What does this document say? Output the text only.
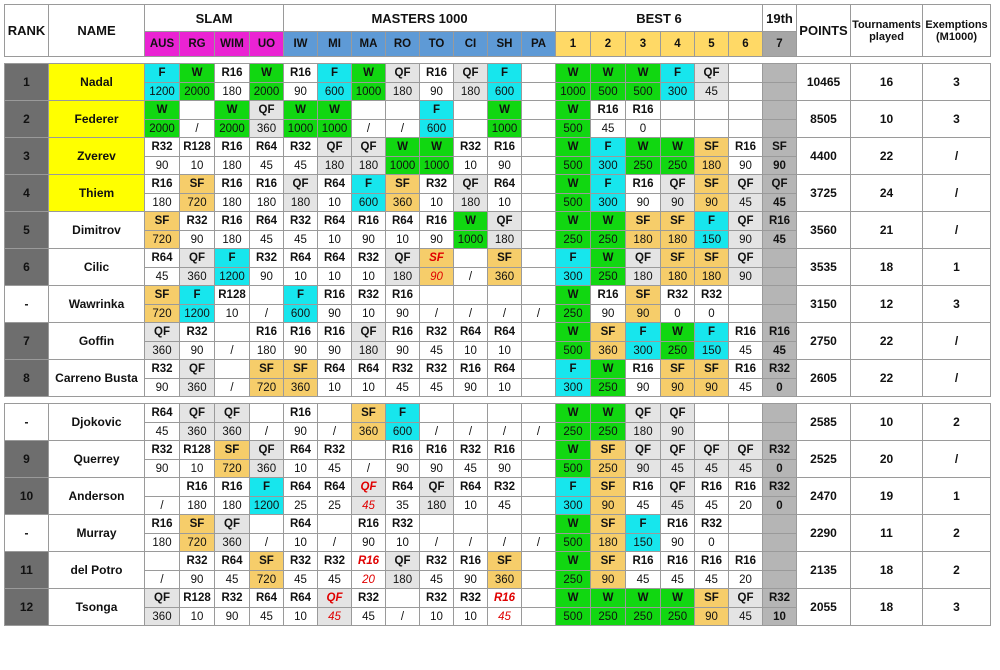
RANK	NAME	SLAM				MASTERS 1000								BEST 6						19th	POINTS	Tournaments played	Exemptions (M1000)
		AUS	RG	WIM	UO	IW	MI	MA	RO	TO	CI	SH	PA	1	2	3	4	5	6	7			

1	Nadal	F	W	R16	W	R16	F	W	QF	R16	QF	F		W	W	W	F	QF			10465	16	3
		1200	2000	180	2000	90	600	1000	180	90	180	600		1000	500	500	300	45					
2	Federer	W		W	QF	W	W			F		W		W	R16	R16					8505	10	3
		2000	/	2000	360	1000	1000	/	/	600		1000		500	45	0							
3	Zverev	R32	R128	R16	R64	R32	QF	QF	W	W	R32	R16		W	F	W	W	SF	R16	SF	4400	22	/
		90	10	180	45	45	180	180	1000	1000	10	90		500	300	250	250	180	90	90			
4	Thiem	R16	SF	R16	R16	QF	R64	F	SF	R32	QF	R64		W	F	R16	QF	SF	QF	QF	3725	24	/
		180	720	180	180	180	10	600	360	10	180	10		500	300	90	90	90	45	45			
5	Dimitrov	SF	R32	R16	R64	R32	R64	R16	R64	R16	W	QF		W	W	SF	SF	F	QF	R16	3560	21	/
		720	90	180	45	45	10	90	10	90	1000	180		250	250	180	180	150	90	45			
6	Cilic	R64	QF	F	R32	R64	R64	R32	QF	SF		SF		F	W	QF	SF	SF	QF		3535	18	1
		45	360	1200	90	10	10	10	180	90	/	360		300	250	180	180	180	90				
-	Wawrinka	SF	F	R128		F	R16	R32	R16					W	R16	SF	R32	R32			3150	12	3
		720	1200	10	/	600	90	10	90	/	/	/	/	250	90	90	0	0					
7	Goffin	QF	R32		R16	R16	R16	QF	R16	R32	R64	R64		W	SF	F	W	F	R16	R16	2750	22	/
		360	90	/	180	90	90	180	90	45	10	10		500	360	300	250	150	45	45			
8	Carreno Busta	R32	QF		SF	SF	R64	R64	R32	R32	R16	R64		F	W	R16	SF	SF	R16	R32	2605	22	/
		90	360	/	720	360	10	10	45	45	90	10		300	250	90	90	90	45	0			

-	Djokovic	R64	QF	QF		R16		SF	F					W	W	QF	QF				2585	10	2
		45	360	360	/	90	/	360	600	/	/	/	/	250	250	180	90						
9	Querrey	R32	R128	SF	QF	R64	R32		R16	R16	R32	R16		W	SF	QF	QF	QF	QF	R32	2525	20	/
		90	10	720	360	10	45	/	90	90	45	90		500	250	90	45	45	45	0			
10	Anderson		R16	R16	F	R64	R64	QF	R64	QF	R64	R32		F	SF	R16	QF	R16	R16	R32	2470	19	1
		/	180	180	1200	25	25	45	35	180	10	45		300	90	45	45	45	20	0			
-	Murray	R16	SF	QF		R64		R16	R32					W	SF	F	R16	R32			2290	11	2
		180	720	360	/	10	/	90	10	/	/	/	/	500	180	150	90	0					
11	del Potro		R32	R64	SF	R32	R32	R16	QF	R32	R16	SF		W	SF	R16	R16	R16	R16		2135	18	2
		/	90	45	720	45	45	20	180	45	90	360		250	90	45	45	45	20				
12	Tsonga	QF	R128	R32	R64	R64	QF	R32		R32	R32	R16		W	W	W	W	SF	QF	R32	2055	18	3
		360	10	90	45	10	45	45	/	10	10	45		500	250	250	250	90	45	10			
